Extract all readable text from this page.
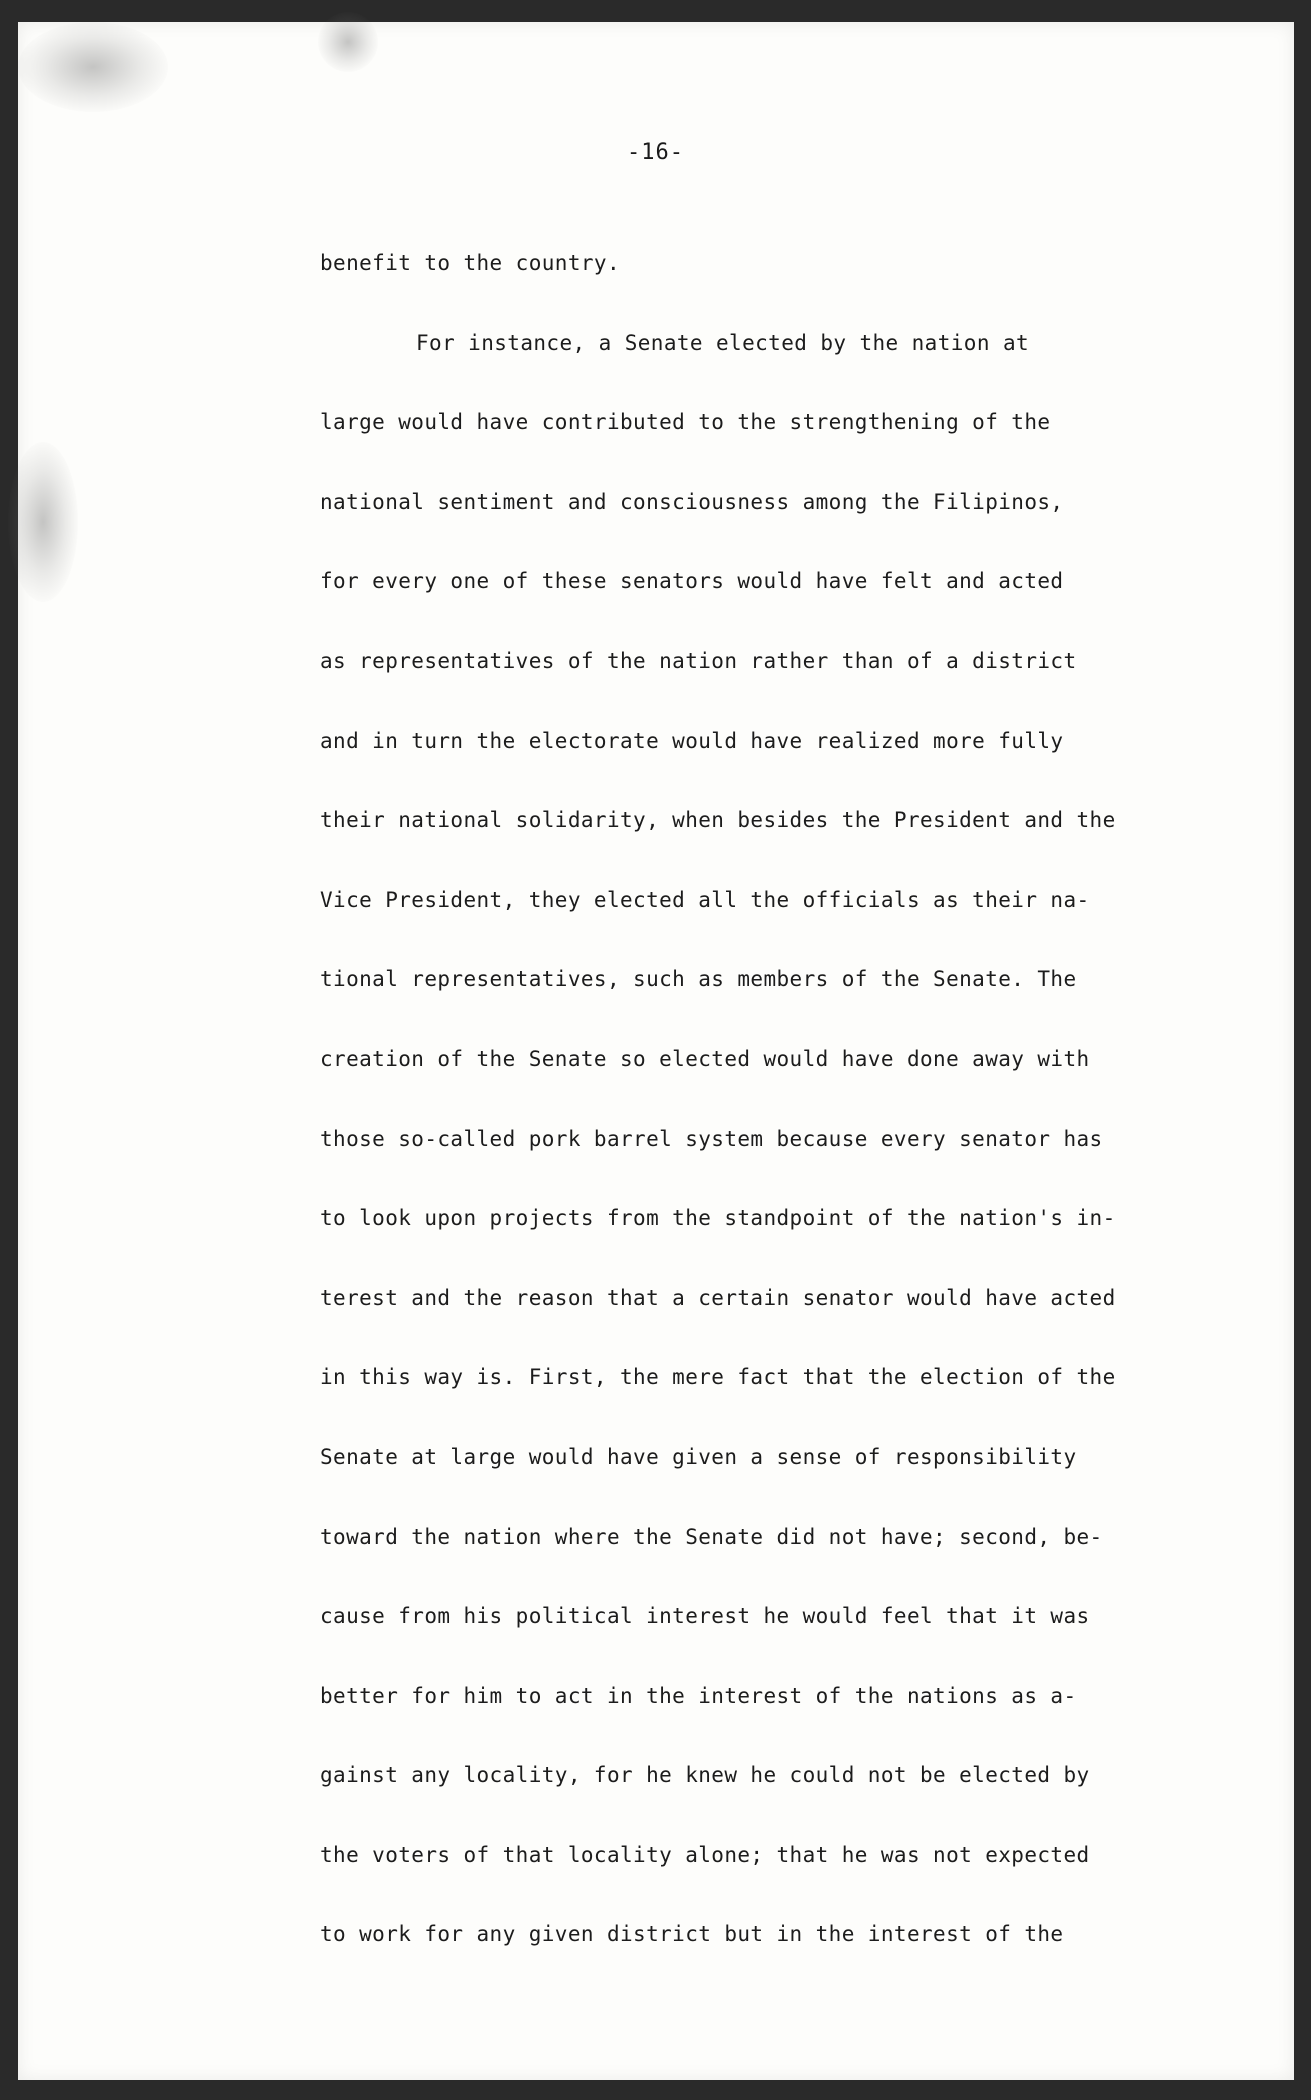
-16-
benefit to the country.
For instance, a Senate elected by the nation at
large would have contributed to the strengthening of the
national sentiment and consciousness among the Filipinos,
for every one of these senators would have felt and acted
as representatives of the nation rather than of a district
and in turn the electorate would have realized more fully
their national solidarity, when besides the President and the
Vice President, they elected all the officials as their na-
tional representatives, such as members of the Senate. The
creation of the Senate so elected would have done away with
those so-called pork barrel system because every senator has
to look upon projects from the standpoint of the nation's in-
terest and the reason that a certain senator would have acted
in this way is. First, the mere fact that the election of the
Senate at large would have given a sense of responsibility
toward the nation where the Senate did not have; second, be-
cause from his political interest he would feel that it was
better for him to act in the interest of the nations as a-
gainst any locality, for he knew he could not be elected by
the voters of that locality alone; that he was not expected
to work for any given district but in the interest of the
